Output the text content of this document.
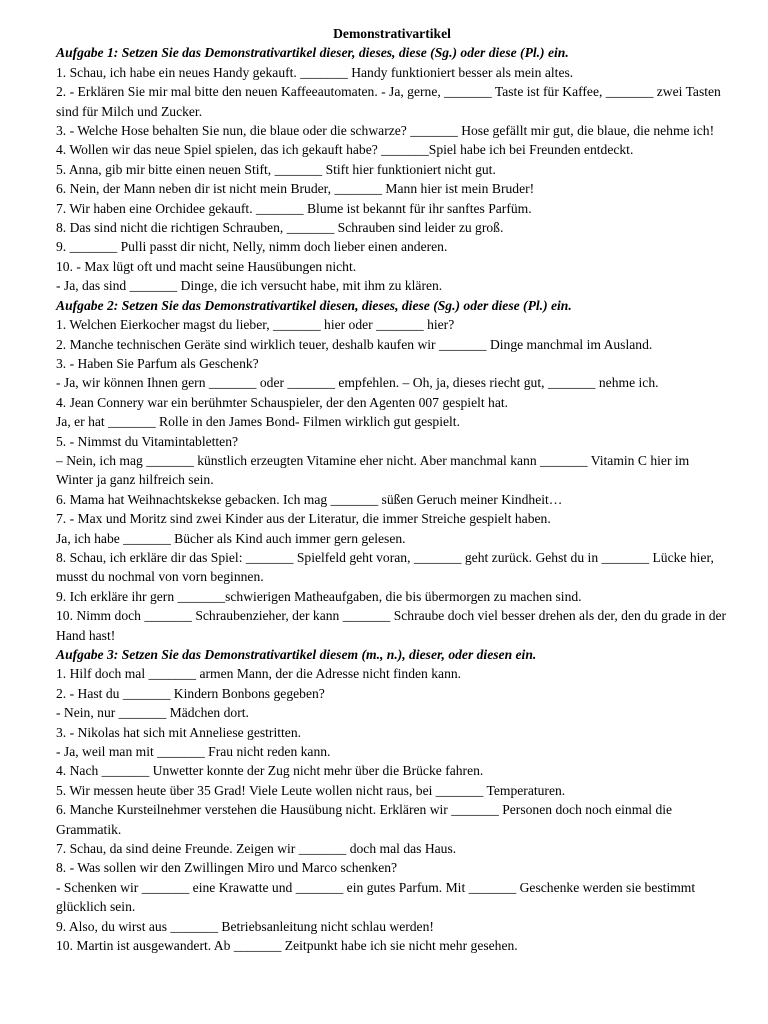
Demonstrativartikel

Aufgabe 1: Setzen Sie das Demonstrativartikel dieser, dieses, diese (Sg.) oder diese (Pl.) ein.

1. Schau, ich habe ein neues Handy gekauft. _______ Handy funktioniert besser als mein altes.

2. - Erklären Sie mir mal bitte den neuen Kaffeeautomaten. - Ja, gerne, _______ Taste ist für Kaffee, _______ zwei Tasten sind für Milch und Zucker.

3. - Welche Hose behalten Sie nun, die blaue oder die schwarze? _______ Hose gefällt mir gut, die blaue, die nehme ich!

4. Wollen wir das neue Spiel spielen, das ich gekauft habe? _______Spiel habe ich bei Freunden entdeckt.

5. Anna, gib mir bitte einen neuen Stift, _______ Stift hier funktioniert nicht gut.

6. Nein, der Mann neben dir ist nicht mein Bruder, _______ Mann hier ist mein Bruder!

7. Wir haben eine Orchidee gekauft. _______ Blume ist bekannt für ihr sanftes Parfüm.

8. Das sind nicht die richtigen Schrauben, _______ Schrauben sind leider zu groß.

9. _______ Pulli passt dir nicht, Nelly, nimm doch lieber einen anderen.

10. - Max lügt oft und macht seine Hausübungen nicht.

- Ja, das sind _______ Dinge, die ich versucht habe, mit ihm zu klären.

Aufgabe 2: Setzen Sie das Demonstrativartikel diesen, dieses, diese (Sg.) oder diese (Pl.) ein.

1. Welchen Eierkocher magst du lieber, _______ hier oder _______ hier?

2. Manche technischen Geräte sind wirklich teuer, deshalb kaufen wir _______ Dinge manchmal im Ausland.

3. - Haben Sie Parfum als Geschenk?

- Ja, wir können Ihnen gern _______ oder _______ empfehlen. – Oh, ja, dieses riecht gut, _______ nehme ich.

4. Jean Connery war ein berühmter Schauspieler, der den Agenten 007 gespielt hat.

Ja, er hat _______ Rolle in den James Bond- Filmen wirklich gut gespielt.

5. - Nimmst du Vitamintabletten?

– Nein, ich mag _______ künstlich erzeugten Vitamine eher nicht. Aber manchmal kann _______ Vitamin C hier im Winter ja ganz hilfreich sein.

6. Mama hat Weihnachtskekse gebacken. Ich mag _______ süßen Geruch meiner Kindheit…

7. - Max und Moritz sind zwei Kinder aus der Literatur, die immer Streiche gespielt haben.

Ja, ich habe _______ Bücher als Kind auch immer gern gelesen.

8. Schau, ich erkläre dir das Spiel: _______ Spielfeld geht voran, _______ geht zurück. Gehst du in _______ Lücke hier, musst du nochmal von vorn beginnen.

9. Ich erkläre ihr gern _______schwierigen Matheaufgaben, die bis übermorgen zu machen sind.

10. Nimm doch _______ Schraubenzieher, der kann _______ Schraube doch viel besser drehen als der, den du grade in der Hand hast!

Aufgabe 3: Setzen Sie das Demonstrativartikel diesem (m., n.), dieser, oder diesen ein.

1. Hilf doch mal _______ armen Mann, der die Adresse nicht finden kann.

2. - Hast du _______ Kindern Bonbons gegeben?

- Nein, nur _______ Mädchen dort.

3. - Nikolas hat sich mit Anneliese gestritten.

- Ja, weil man mit _______ Frau nicht reden kann.

4. Nach _______ Unwetter konnte der Zug nicht mehr über die Brücke fahren.

5. Wir messen heute über 35 Grad! Viele Leute wollen nicht raus, bei _______ Temperaturen.

6. Manche Kursteilnehmer verstehen die Hausübung nicht. Erklären wir _______ Personen doch noch einmal die Grammatik.

7. Schau, da sind deine Freunde. Zeigen wir _______ doch mal das Haus.

8. - Was sollen wir den Zwillingen Miro und Marco schenken?

- Schenken wir _______ eine Krawatte und _______ ein gutes Parfum. Mit _______ Geschenke werden sie bestimmt glücklich sein.

9. Also, du wirst aus _______ Betriebsanleitung nicht schlau werden!

10. Martin ist ausgewandert. Ab _______ Zeitpunkt habe ich sie nicht mehr gesehen.
